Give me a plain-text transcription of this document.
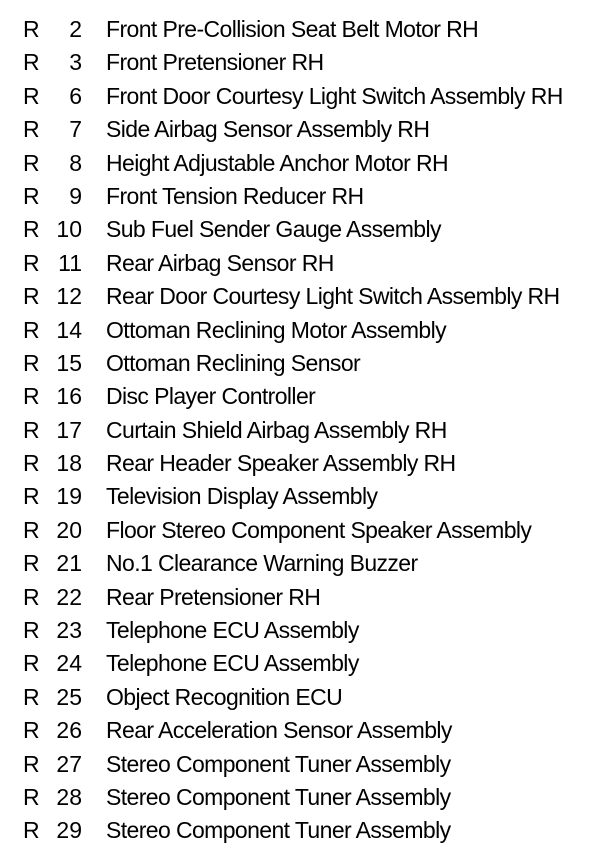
R	2 Front Pre-Collision Seat Belt Motor RH
R	3 Front Pretensioner RH
R	6 Front Door Courtesy Light Switch Assembly RH
R	7 Side Airbag Sensor Assembly RH
R	8 Height Adjustable Anchor Motor RH
R	9 Front Tension Reducer RH
R 10 Sub Fuel Sender Gauge Assembly
R 11 Rear Airbag Sensor RH
R 12 Rear Door Courtesy Light Switch Assembly RH
R 14 Ottoman Reclining Motor Assembly
R 15 Ottoman Reclining Sensor
R 16 Disc Player Controller
R 17 Curtain Shield Airbag Assembly RH
R 18 Rear Header Speaker Assembly RH
R 19 Television Display Assembly
R 20 Floor Stereo Component Speaker Assembly
R 21 No.1 Clearance Warning Buzzer
R 22 Rear Pretensioner RH
R 23 Telephone ECU Assembly
R 24 Telephone ECU Assembly
R 25 Object Recognition ECU
R 26 Rear Acceleration Sensor Assembly
R 27 Stereo Component Tuner Assembly
R 28 Stereo Component Tuner Assembly
R 29 Stereo Component Tuner Assembly
